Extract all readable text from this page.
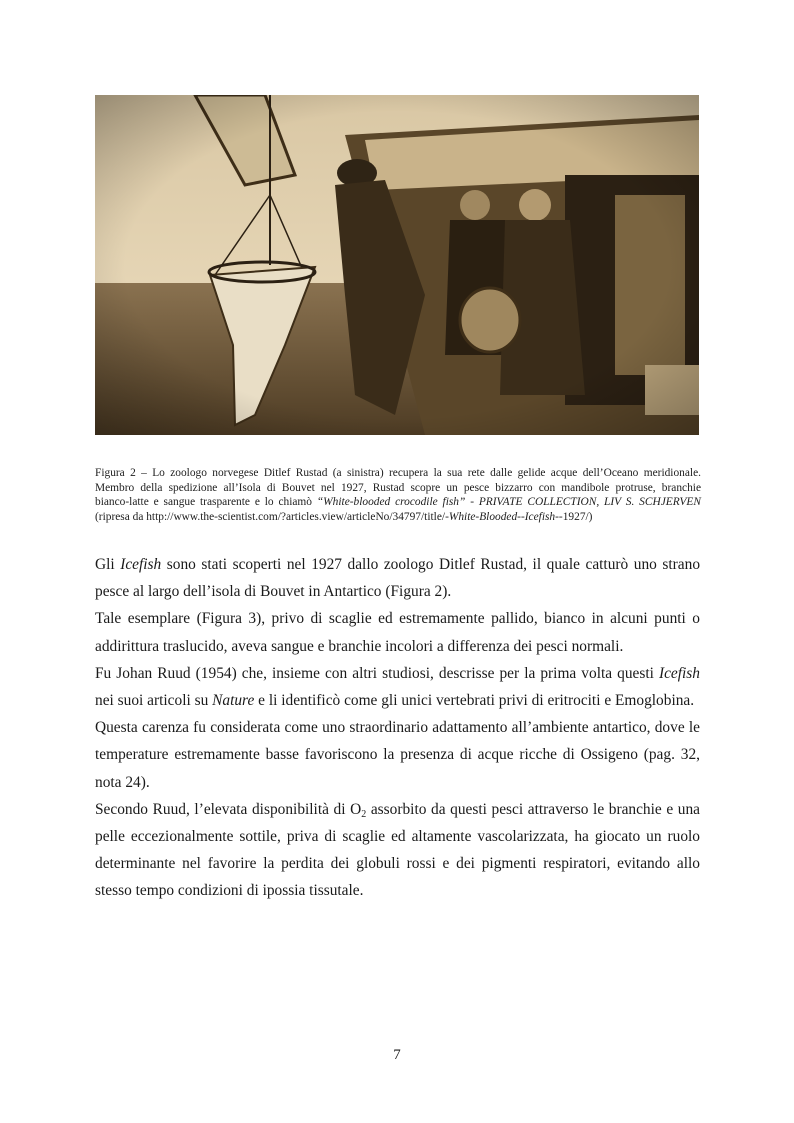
Figura 2 – Lo zoologo norvegese Ditlef Rustad (a sinistra) recupera la sua rete dalle gelide acque dell’Oceano meridionale.
Membro della spedizione all’Isola di Bouvet nel 1927, Rustad scopre un pesce bizzarro con mandibole protruse, branchie
bianco-latte e sangue trasparente e lo chiamò “White-blooded crocodile fish” - PRIVATE COLLECTION, LIV S. SCHJERVEN
(ripresa da http://www.the-scientist.com/?articles.view/articleNo/34797/title/-White-Blooded--Icefish--1927/)

Gli Icefish sono stati scoperti nel 1927 dallo zoologo Ditlef Rustad, il quale catturò uno strano pesce al largo dell’isola di Bouvet in Antartico (Figura 2).

Tale esemplare (Figura 3), privo di scaglie ed estremamente pallido, bianco in alcuni punti o addirittura traslucido, aveva sangue e branchie incolori a differenza dei pesci normali.

Fu Johan Ruud (1954) che, insieme con altri studiosi, descrisse per la prima volta questi Icefish nei suoi articoli su Nature e li identificò come gli unici vertebrati privi di eritrociti e Emoglobina.

Questa carenza fu considerata come uno straordinario adattamento all’ambiente antartico, dove le temperature estremamente basse favoriscono la presenza di acque ricche di Ossigeno (pag. 32, nota 24).

Secondo Ruud, l’elevata disponibilità di $O_2$ assorbito da questi pesci attraverso le branchie e una pelle eccezionalmente sottile, priva di scaglie ed altamente vascolarizzata, ha giocato un ruolo determinante nel favorire la perdita dei globuli rossi e dei pigmenti respiratori, evitando allo stesso tempo condizioni di ipossia tissutale.

7
